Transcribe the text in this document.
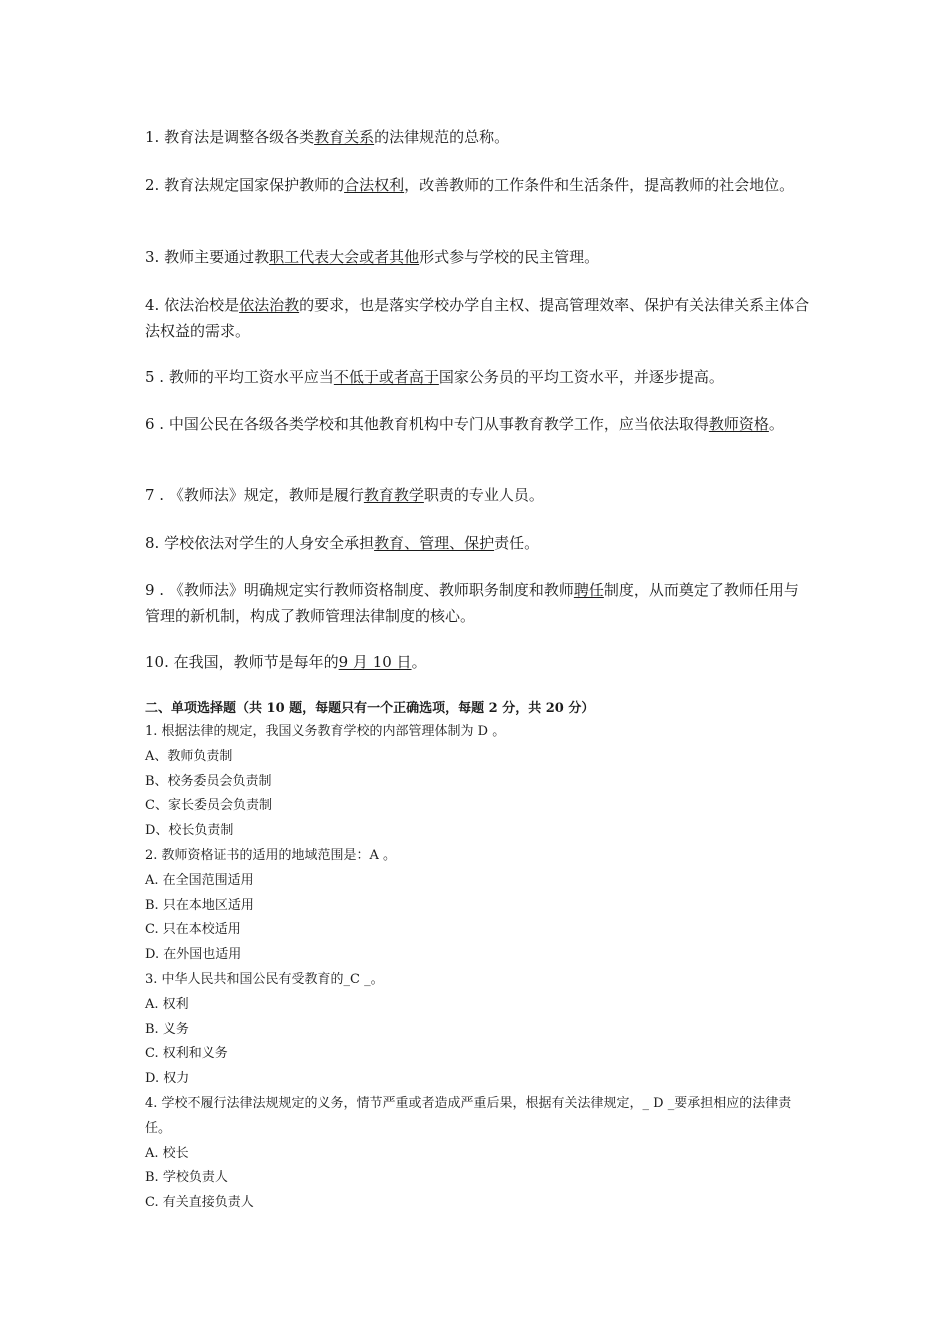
1. 教育法是调整各级各类教育关系的法律规范的总称。

2. 教育法规定国家保护教师的合法权利，改善教师的工作条件和生活条件，提高教师的社会地位。

3. 教师主要通过教职工代表大会或者其他形式参与学校的民主管理。

4. 依法治校是依法治教的要求，也是落实学校办学自主权、提高管理效率、保护有关法律关系主体合法权益的需求。

5 . 教师的平均工资水平应当不低于或者高于国家公务员的平均工资水平，并逐步提高。

6 . 中国公民在各级各类学校和其他教育机构中专门从事教育教学工作，应当依法取得教师资格。

7 . 《教师法》规定，教师是履行教育教学职责的专业人员。

8. 学校依法对学生的人身安全承担教育、管理、保护责任。

9 . 《教师法》明确规定实行教师资格制度、教师职务制度和教师聘任制度，从而奠定了教师任用与管理的新机制，构成了教师管理法律制度的核心。

10. 在我国，教师节是每年的9 月 10 日。

二、单项选择题（共 10 题，每题只有一个正确选项，每题 2 分，共 20 分）

1. 根据法律的规定，我国义务教育学校的内部管理体制为 D 。

A、教师负责制

B、校务委员会负责制

C、家长委员会负责制

D、校长负责制

2. 教师资格证书的适用的地域范围是：A 。

A. 在全国范围适用

B. 只在本地区适用

C. 只在本校适用

D. 在外国也适用

3. 中华人民共和国公民有受教育的_C _。

A. 权利

B. 义务

C. 权利和义务

D. 权力

4. 学校不履行法律法规规定的义务，情节严重或者造成严重后果，根据有关法律规定，_ D _要承担相应的法律责任。

A. 校长

B. 学校负责人

C. 有关直接负责人
